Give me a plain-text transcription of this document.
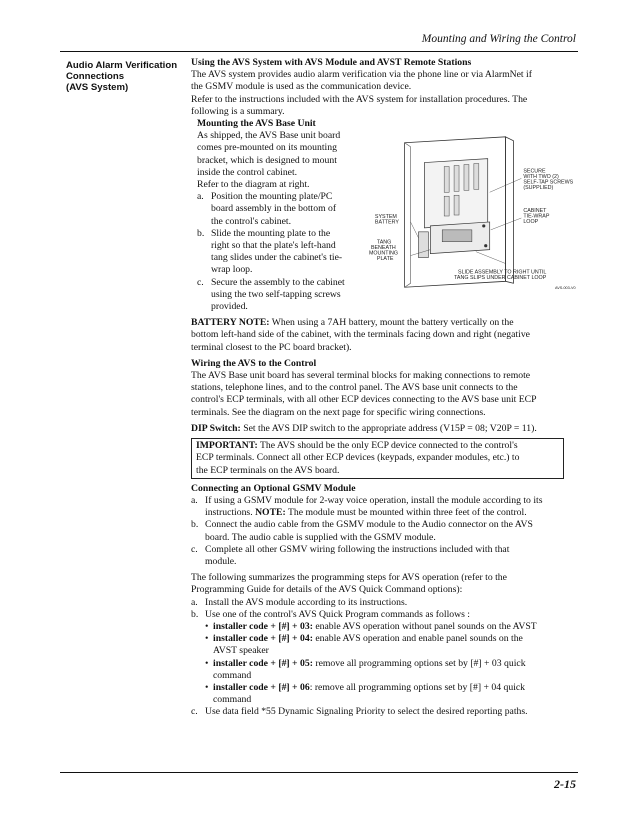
Mounting and Wiring the Control
Audio Alarm Verification
Connections
(AVS System)

Using the AVS System with AVS Module and AVST Remote Stations

The AVS system provides audio alarm verification via the phone line or via AlarmNet if

the GSMV module is used as the communication device.

Refer to the instructions included with the AVS system for installation procedures. The

following is a summary.

Mounting the AVS Base Unit

As shipped, the AVS Base unit board

comes pre-mounted on its mounting

bracket, which is designed to mount

inside the control cabinet.

Refer to the diagram at right.

a. Position the mounting plate/PC
board assembly in the bottom of
the control's cabinet.
b. Slide the mounting plate to the
right so that the plate's left-hand
tang slides under the cabinet's tie-
wrap loop.
c. Secure the assembly to the cabinet
using the two self-tapping screws
provided.
SECURE
WITH TWO (2)
SELF-TAP SCREWS
(SUPPLIED)
CABINET
TIE-WRAP
LOOP
SYSTEM
BATTERY
TANG
BENEATH
MOUNTING
PLATE
SLIDE ASSEMBLY TO RIGHT UNTIL
TANG SLIPS UNDER CABINET LOOP
AVS-003-V0

BATTERY NOTE: When using a 7AH battery, mount the battery vertically on the

bottom left-hand side of the cabinet, with the terminals facing down and right (negative

terminal closest to the PC board bracket).

Wiring the AVS to the Control

The AVS Base unit board has several terminal blocks for making connections to remote

stations, telephone lines, and to the control panel. The AVS base unit connects to the

control's ECP terminals, with all other ECP devices connecting to the AVS base unit ECP

terminals. See the diagram on the next page for specific wiring connections.

DIP Switch: Set the AVS DIP switch to the appropriate address (V15P = 08; V20P = 11).

IMPORTANT: The AVS should be the only ECP device connected to the control's

ECP terminals. Connect all other ECP devices (keypads, expander modules, etc.) to

the ECP terminals on the AVS board.

Connecting an Optional GSMV Module

a. If using a GSMV module for 2-way voice operation, install the module according to its
instructions. NOTE: The module must be mounted within three feet of the control.
b. Connect the audio cable from the GSMV module to the Audio connector on the AVS
board. The audio cable is supplied with the GSMV module.
c. Complete all other GSMV wiring following the instructions included with that
module.

The following summarizes the programming steps for AVS operation (refer to the

Programming Guide for details of the AVS Quick Command options):

a. Install the AVS module according to its instructions.
b. Use one of the control's AVS Quick Program commands as follows :
• installer code + [#] + 03: enable AVS operation without panel sounds on the AVST
• installer code + [#] + 04: enable AVS operation and enable panel sounds on the
AVST speaker
• installer code + [#] + 05: remove all programming options set by [#] + 03 quick
command
• installer code + [#] + 06: remove all programming options set by [#] + 04 quick
command
c. Use data field *55 Dynamic Signaling Priority to select the desired reporting paths.
2-15
